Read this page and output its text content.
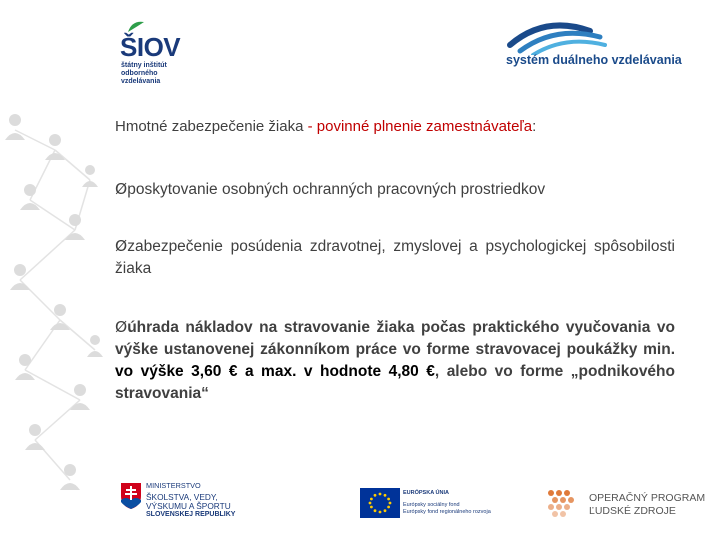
ŠIOV
štátny inštitút
odborného
vzdelávania
systém duálneho vzdelávania
Hmotné zabezpečenie žiaka - povinné plnenie zamestnávateľa:
Øposkytovanie osobných ochranných pracovných prostriedkov
Øzabezpečenie posúdenia zdravotnej, zmyslovej a psychologickej spôsobilosti žiaka
Øúhrada nákladov na stravovanie žiaka počas praktického vyučovania vo výške ustanovenej zákonníkom práce vo forme stravovacej poukážky min. vo výške 3,60 € a max. v hodnote 4,80 €, alebo vo forme „podnikového stravovania“
MINISTERSTVO
ŠKOLSTVA, VEDY,
VÝSKUMU A ŠPORTU
SLOVENSKEJ REPUBLIKY
EURÓPSKA ÚNIA
Európsky sociálny fond
Európsky fond regionálneho rozvoja
OPERAČNÝ PROGRAM
ĽUDSKÉ ZDROJE
